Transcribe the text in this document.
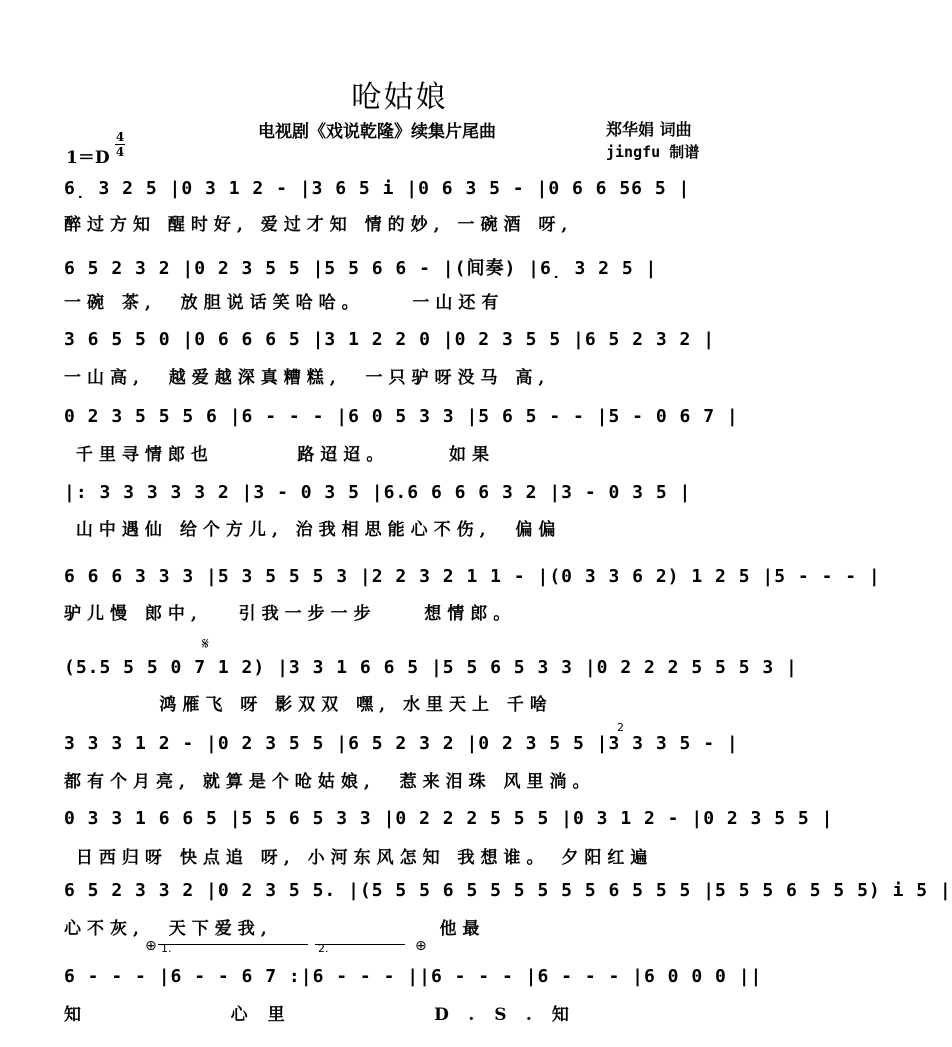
呛姑娘
电视剧《戏说乾隆》续集片尾曲	郑华娟 词曲
jingfu 制谱
1＝D
4
4
6̣ 3 2 5 |0 3 1 2 - |3 6 5 i |0 6 3 5 - |0 6 6 56 5 |
醉过方知 醒时好, 爱过才知 情的妙, 一碗酒 呀,
6 5 2 3 2 |0 2 3 5 5 |5 5 6 6 - |(间奏) |6̣ 3 2 5 |
一碗 茶,  放胆说话笑哈哈。    一山还有
3 6 5 5 0 |0 6 6 6 5 |3 1 2 2 0 |0 2 3 5 5 |6 5 2 3 2 |
一山高,  越爱越深真糟糕,  一只驴呀没马 高,
0 2 3 5 5 5 6 |6 - - - |6 0 5 3 3 |5 6 5 - - |5 - 0 6 7 |
千里寻情郎也       路迢迢。     如果
|: 3 3 3 3 3 2 |3 - 0 3 5 |6.6 6 6 6 3 2 |3 - 0 3 5 |
山中遇仙 给个方儿, 治我相思能心不伤,  偏偏
6 6 6 3 3 3 |5 3 5 5 5 3 |2 2 3 2 1 1 - |(0 3 3 6 2) 1 2 5 |5 - - - |
驴儿慢 郎中,   引我一步一步    想情郎。
𝄋
(5.5 5 5 0 7 1 2) |3 3 1 6 6 5 |5 5 6 5 3 3 |0 2 2 2 5 5 5 3 |
鸿雁飞 呀 影双双 嘿, 水里天上 千啥
2
3 3 3 1 2 - |0 2 3 5 5 |6 5 2 3 2 |0 2 3 5 5 |3 3 3 5 - |
都有个月亮, 就算是个呛姑娘,  惹来泪珠 风里淌。
0 3 3 1 6 6 5 |5 5 6 5 3 3 |0 2 2 2 5 5 5 |0 3 1 2 - |0 2 3 5 5 |
日西归呀 快点追 呀, 小河东风怎知 我想谁。 夕阳红遍
6 5 2 3 3 2 |0 2 3 5 5. |(5 5 5 6 5 5 5 5 5 5 6 5 5 5 |5 5 5 6 5 5 5) i 5 |
心不灰,  天下爱我,              他最
⊕ 1.	2.	⊕
6 - - - |6 - - 6 7 :|6 - - - ||6 - - - |6 - - - |6 0 0 0 ||
知     心里     D.S.知
